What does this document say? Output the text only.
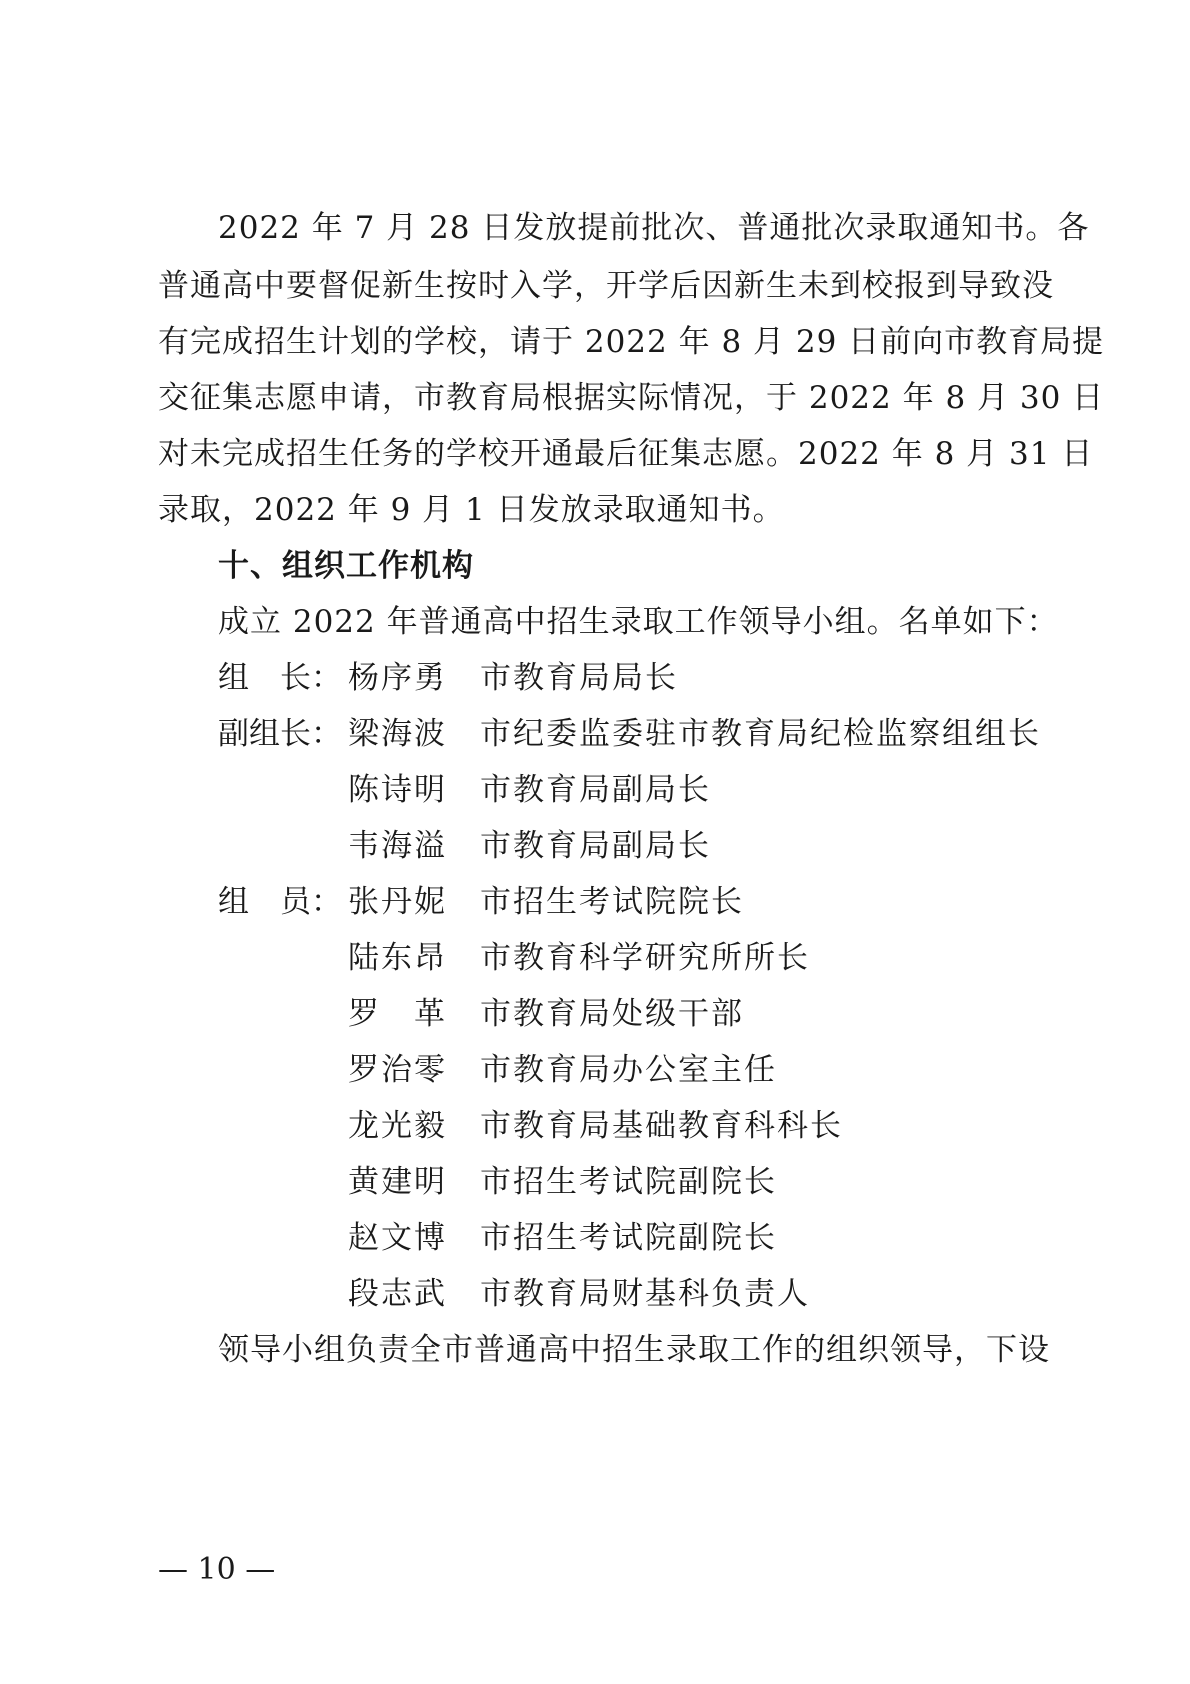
2022 年 7 月 28 日发放提前批次、普通批次录取通知书。各
普通高中要督促新生按时入学，开学后因新生未到校报到导致没
有完成招生计划的学校，请于 2022 年 8 月 29 日前向市教育局提
交征集志愿申请，市教育局根据实际情况，于 2022 年 8 月 30 日
对未完成招生任务的学校开通最后征集志愿。2022 年 8 月 31 日
录取，2022 年 9 月 1 日发放录取通知书。
十、组织工作机构
成立 2022 年普通高中招生录取工作领导小组。名单如下：
组　长： 杨序勇 市教育局局长
副组长： 梁海波 市纪委监委驻市教育局纪检监察组组长
陈诗明 市教育局副局长
韦海溢 市教育局副局长
组　员： 张丹妮 市招生考试院院长
陆东昂 市教育科学研究所所长
罗　革 市教育局处级干部
罗治零 市教育局办公室主任
龙光毅 市教育局基础教育科科长
黄建明 市招生考试院副院长
赵文博 市招生考试院副院长
段志武 市教育局财基科负责人
领导小组负责全市普通高中招生录取工作的组织领导，下设
— 10 —
